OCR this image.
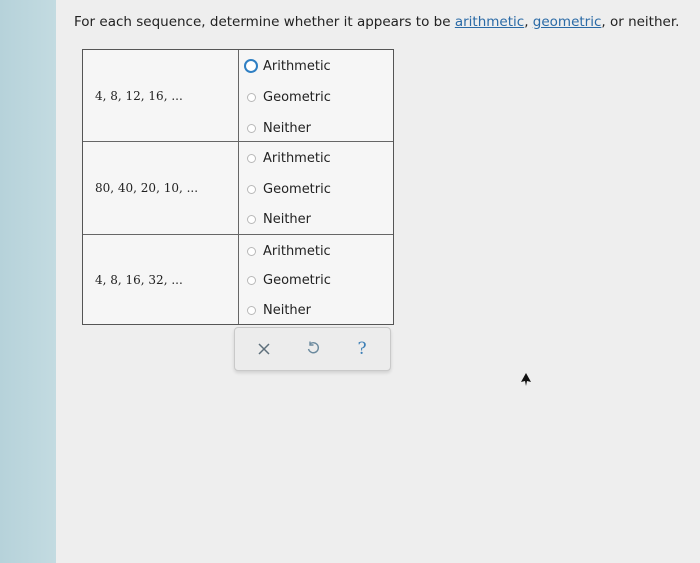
For each sequence, determine whether it appears to be arithmetic, geometric, or neither.
4, 8, 12, 16, ...
Arithmetic
Geometric
Neither
80, 40, 20, 10, ...
Arithmetic
Geometric
Neither
4, 8, 16, 32, ...
Arithmetic
Geometric
Neither
?
